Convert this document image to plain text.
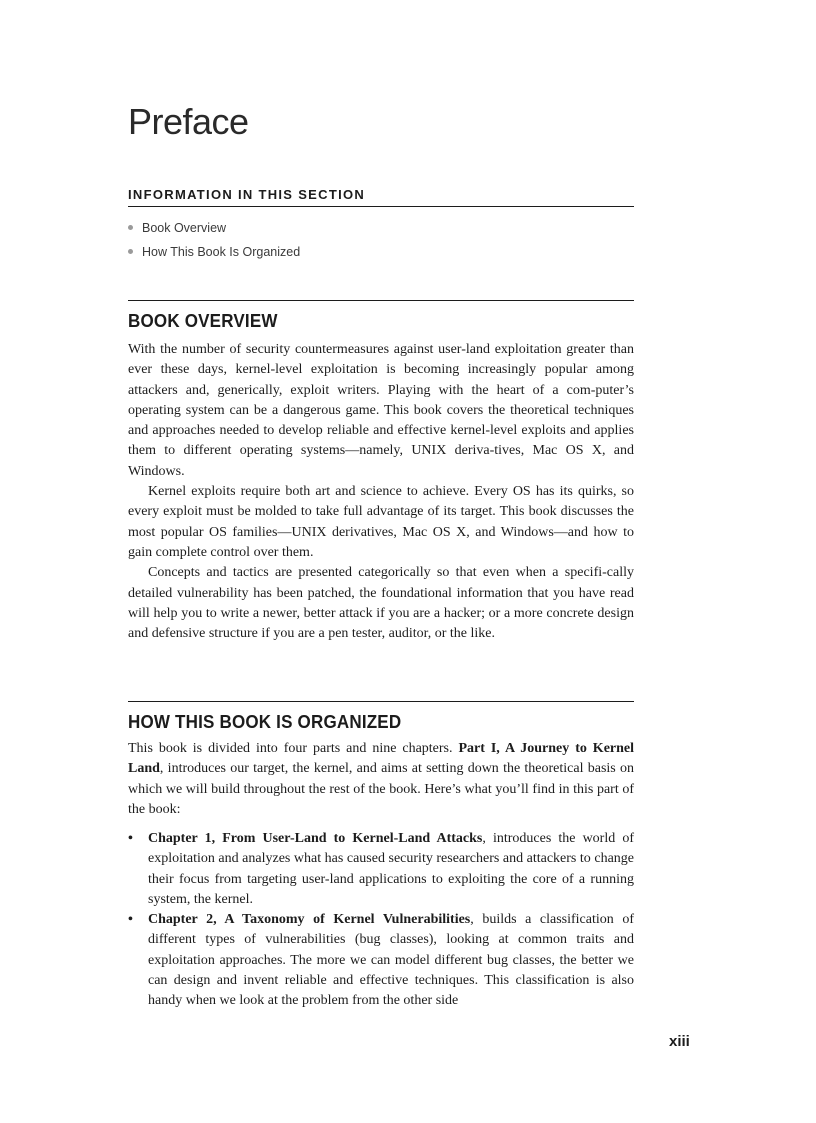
Preface
INFORMATION IN THIS SECTION
Book Overview
How This Book Is Organized
BOOK OVERVIEW

With the number of security countermeasures against user-land exploitation greater than ever these days, kernel-level exploitation is becoming increasingly popular among attackers and, generically, exploit writers. Playing with the heart of a com-puter’s operating system can be a dangerous game. This book covers the theoretical techniques and approaches needed to develop reliable and effective kernel-level exploits and applies them to different operating systems—namely, UNIX deriva-tives, Mac OS X, and Windows.

Kernel exploits require both art and science to achieve. Every OS has its quirks, so every exploit must be molded to take full advantage of its target. This book discusses the most popular OS families—UNIX derivatives, Mac OS X, and Windows—and how to gain complete control over them.

Concepts and tactics are presented categorically so that even when a specifi-cally detailed vulnerability has been patched, the foundational information that you have read will help you to write a newer, better attack if you are a hacker; or a more concrete design and defensive structure if you are a pen tester, auditor, or the like.

HOW THIS BOOK IS ORGANIZED

This book is divided into four parts and nine chapters. Part I, A Journey to Kernel Land, introduces our target, the kernel, and aims at setting down the theoretical basis on which we will build throughout the rest of the book. Here’s what you’ll find in this part of the book:

• Chapter 1, From User-Land to Kernel-Land Attacks, introduces the world of exploitation and analyzes what has caused security researchers and attackers to change their focus from targeting user-land applications to exploiting the core of a running system, the kernel.
• Chapter 2, A Taxonomy of Kernel Vulnerabilities, builds a classification of different types of vulnerabilities (bug classes), looking at common traits and exploitation approaches. The more we can model different bug classes, the better we can design and invent reliable and effective techniques. This classification is also handy when we look at the problem from the other side
xiii
